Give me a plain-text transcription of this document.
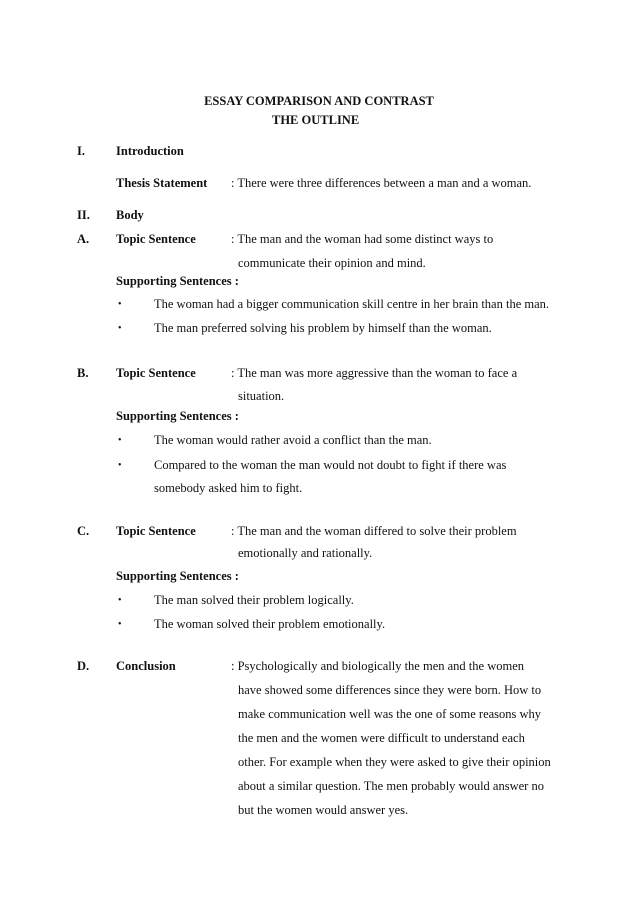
ESSAY COMPARISON AND CONTRAST
THE OUTLINE
I. Introduction
Thesis Statement : There were three differences between a man and a woman.
II. Body
A. Topic Sentence	: The man and the woman had some distinct ways to
communicate their opinion and mind.
Supporting Sentences :
•	The woman had a bigger communication skill centre in her brain than the man.
•	The man preferred solving his problem by himself than the woman.
B. Topic Sentence	: The man was more aggressive than the woman to face a
situation.
Supporting Sentences :
•	The woman would rather avoid a conflict than the man.
•	Compared to the woman the man would not doubt to fight if there was
somebody asked him to fight.
C. Topic Sentence	: The man and the woman differed to solve their problem
emotionally and rationally.
Supporting Sentences :
•	The man solved their problem logically.
•	The woman solved their problem emotionally.
D. Conclusion	: Psychologically and biologically the men and the women
have showed some differences since they were born. How to
make communication well was the one of some reasons why
the men and the women were difficult to understand each
other. For example when they were asked to give their opinion
about a similar question. The men probably would answer no
but the women would answer yes.
